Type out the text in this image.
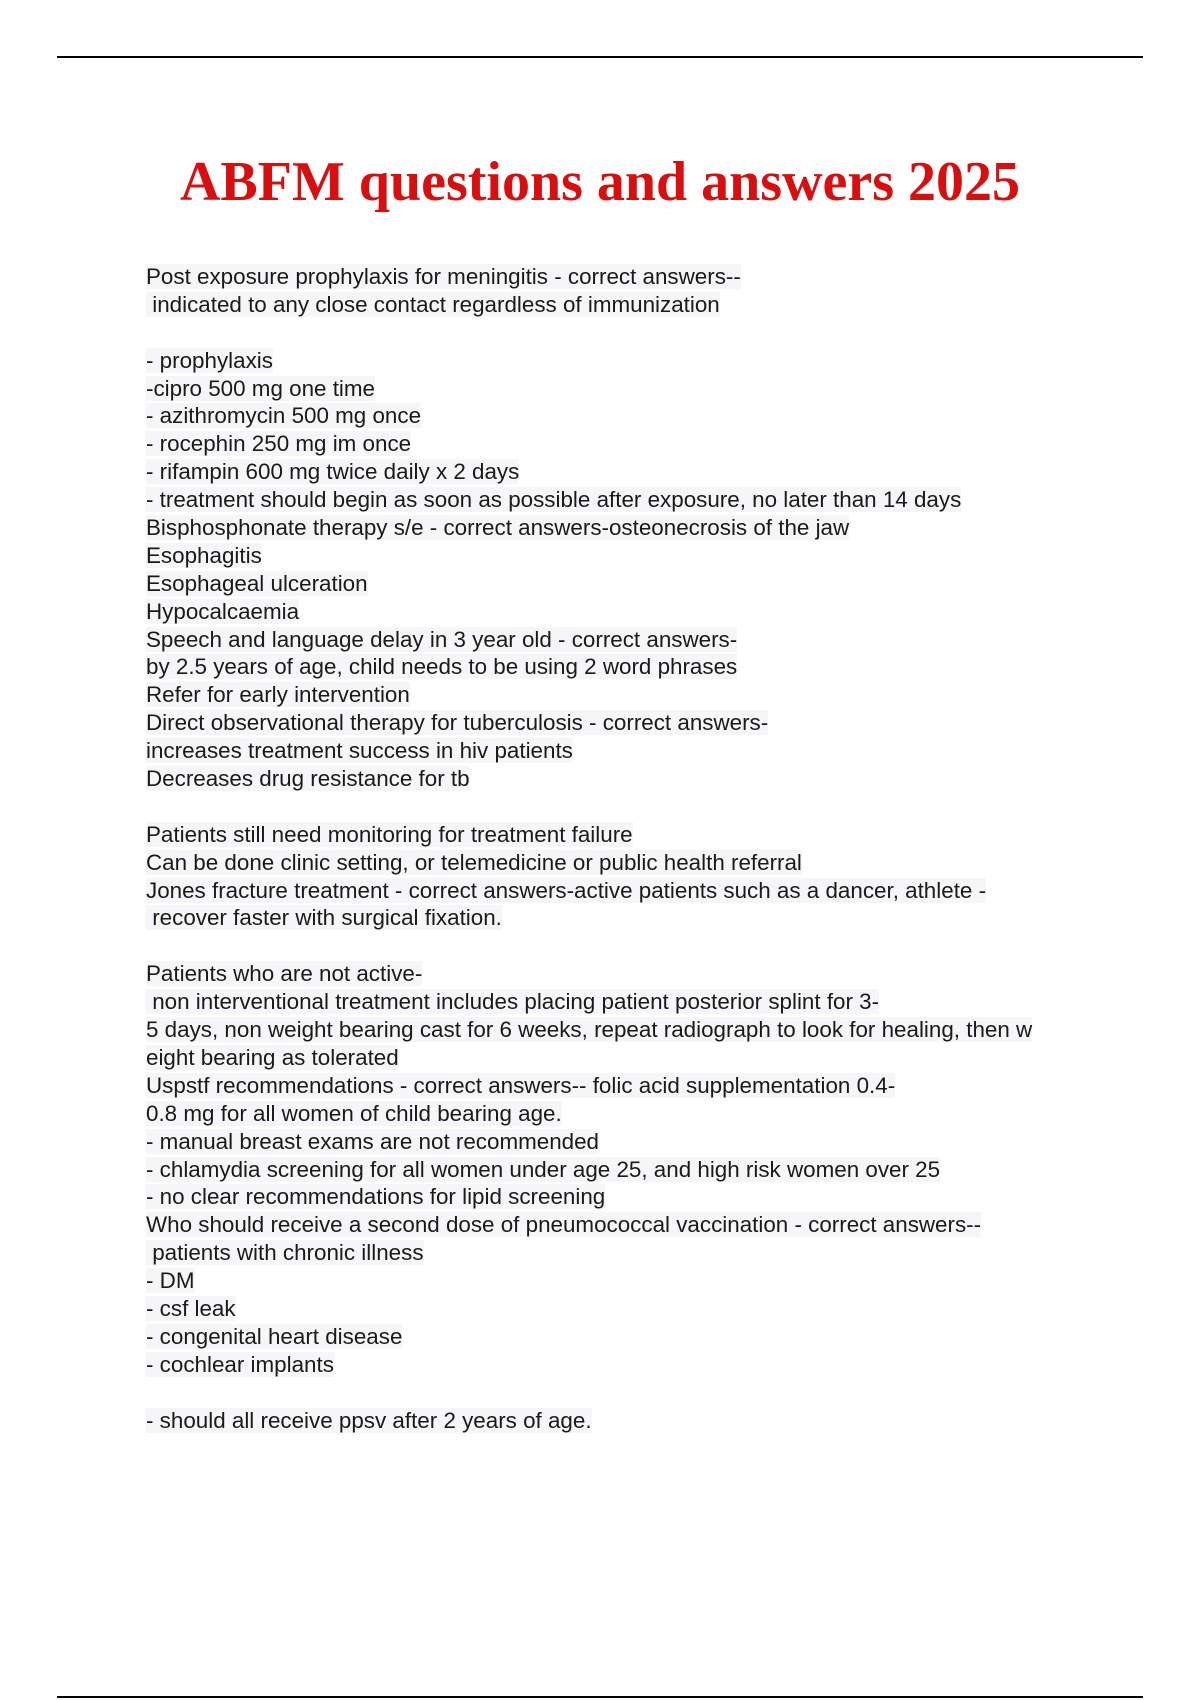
ABFM questions and answers 2025
Post exposure prophylaxis for meningitis - correct answers--
indicated to any close contact regardless of immunization
- prophylaxis
-cipro 500 mg one time
- azithromycin 500 mg once
- rocephin 250 mg im once
- rifampin 600 mg twice daily x 2 days
- treatment should begin as soon as possible after exposure, no later than 14 days
Bisphosphonate therapy s/e - correct answers-osteonecrosis of the jaw
Esophagitis
Esophageal ulceration
Hypocalcaemia
Speech and language delay in 3 year old - correct answers-
by 2.5 years of age, child needs to be using 2 word phrases
Refer for early intervention
Direct observational therapy for tuberculosis - correct answers-
increases treatment success in hiv patients
Decreases drug resistance for tb
Patients still need monitoring for treatment failure
Can be done clinic setting, or telemedicine or public health referral
Jones fracture treatment - correct answers-active patients such as a dancer, athlete -
recover faster with surgical fixation.
Patients who are not active-
non interventional treatment includes placing patient posterior splint for 3-
5 days, non weight bearing cast for 6 weeks, repeat radiograph to look for healing, then w
eight bearing as tolerated
Uspstf recommendations - correct answers-- folic acid supplementation 0.4-
0.8 mg for all women of child bearing age.
- manual breast exams are not recommended
- chlamydia screening for all women under age 25, and high risk women over 25
- no clear recommendations for lipid screening
Who should receive a second dose of pneumococcal vaccination - correct answers--
patients with chronic illness
- DM
- csf leak
- congenital heart disease
- cochlear implants
- should all receive ppsv after 2 years of age.
